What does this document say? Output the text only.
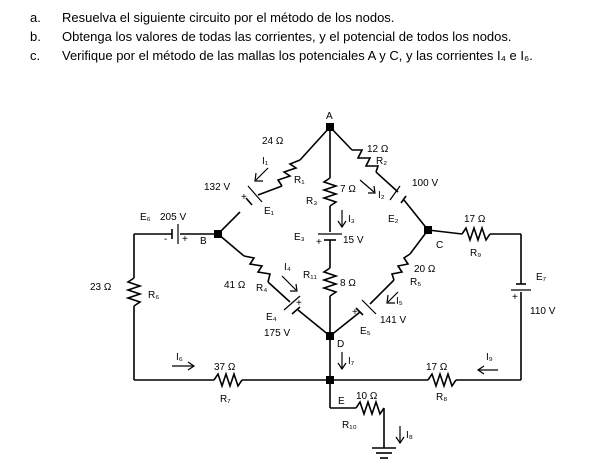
a.	Resuelva el siguiente circuito por el método de los nodos.
b.	Obtenga los valores de todas las corrientes, y el potencial de todos los nodos.
c.	Verifique por el método de las mallas los potenciales A y C, y las corrientes I₄ e I₆.
A
B	C
D
E
24 Ω
R₁
12 Ω
R₂
7 Ω
R₃
41 Ω R₄
20 Ω
R₅
23 Ω
R₆
37 Ω
R₇
17 Ω
R₈
17 Ω
R₉
10 Ω
R₁₀
8 Ω
R₁₁
132 V
E₁
100 V
E₂
15 V
E₃
175 V
E₄	141 V
E₅
205 V
E₆
110 V
E₇
+
+
+
+
- +
+
I₁
I₂
I₃
I₄
I₅
I₆	I₇
I₈
I₉
